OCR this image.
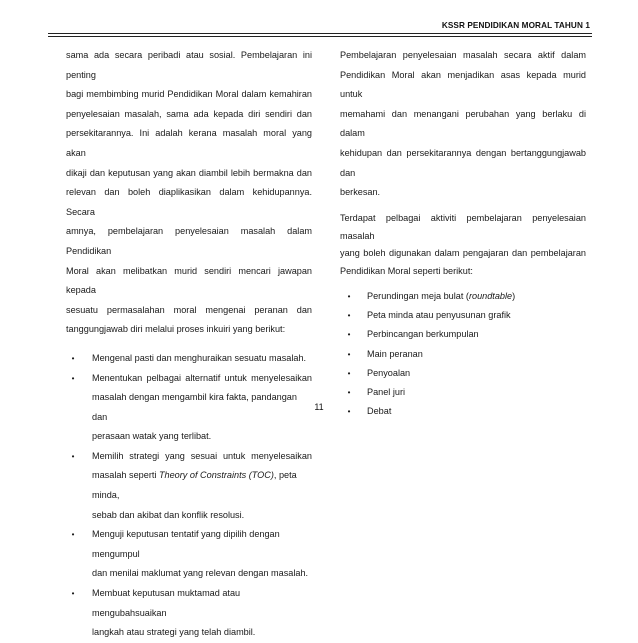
KSSR PENDIDIKAN MORAL TAHUN 1

sama ada secara peribadi atau sosial. Pembelajaran ini penting
bagi membimbing murid Pendidikan Moral dalam kemahiran
penyelesaian masalah, sama ada kepada diri sendiri dan
persekitarannya. Ini adalah kerana masalah moral yang akan
dikaji dan keputusan yang akan diambil lebih bermakna dan
relevan dan boleh diaplikasikan dalam kehidupannya. Secara
amnya, pembelajaran penyelesaian masalah dalam Pendidikan
Moral akan melibatkan murid sendiri mencari jawapan kepada
sesuatu permasalahan moral mengenai peranan dan
tanggungjawab diri melalui proses inkuiri yang berikut:

•	Mengenal pasti dan menghuraikan sesuatu masalah.
•	Menentukan pelbagai alternatif untuk menyelesaikan
masalah dengan mengambil kira fakta, pandangan dan
perasaan watak yang terlibat.
•	Memilih strategi yang sesuai untuk menyelesaikan
masalah seperti Theory of Constraints (TOC), peta minda,
sebab dan akibat dan konflik resolusi.
•	Menguji keputusan tentatif yang dipilih dengan mengumpul
dan menilai maklumat yang relevan dengan masalah.
•	Membuat keputusan muktamad atau mengubahsuaikan
langkah atau strategi yang telah diambil.

Pembelajaran penyelesaian masalah secara aktif dalam
Pendidikan Moral akan menjadikan asas kepada murid untuk
memahami dan menangani perubahan yang berlaku di dalam
kehidupan dan persekitarannya dengan bertanggungjawab dan
berkesan.

Terdapat pelbagai aktiviti pembelajaran penyelesaian masalah
yang boleh digunakan dalam pengajaran dan pembelajaran
Pendidikan Moral seperti berikut:

•	Perundingan meja bulat (roundtable)
•	Peta minda atau penyusunan grafik
•	Perbincangan berkumpulan
•	Main peranan
•	Penyoalan
•	Panel juri
•	Debat
11
